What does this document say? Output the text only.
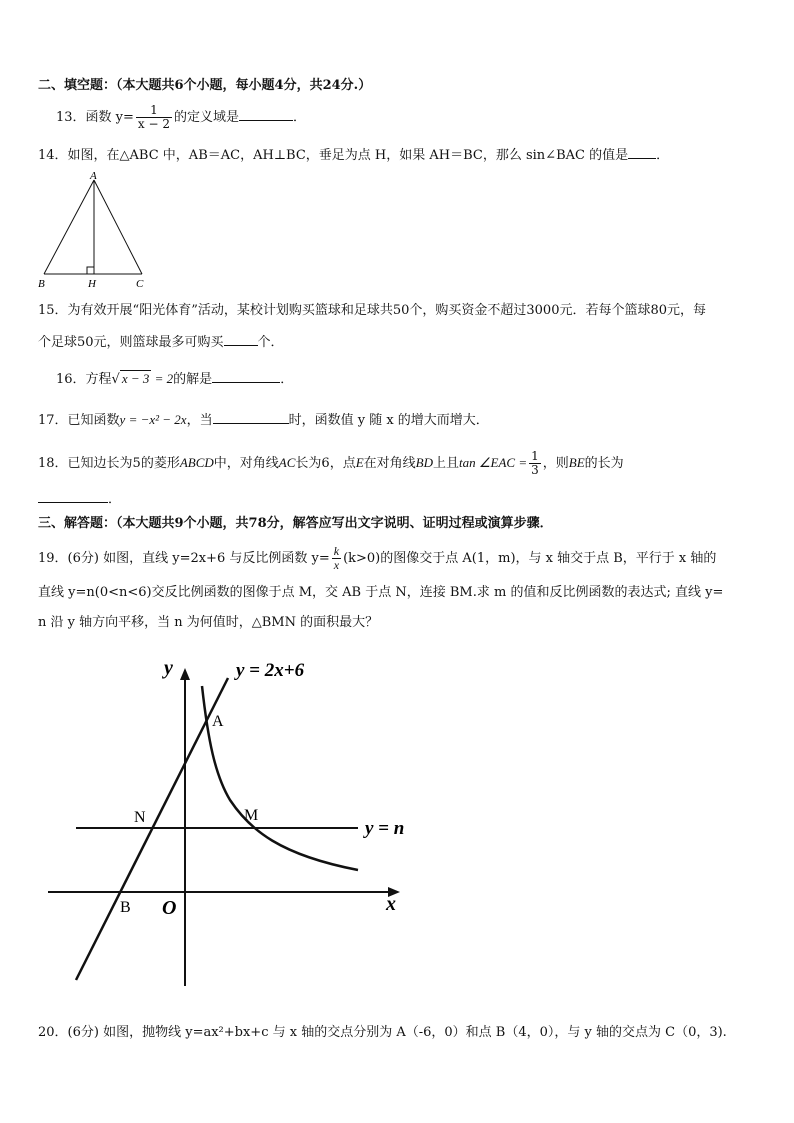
二、填空题：（本大题共6个小题，每小题4分，共24分.）
13．函数 $y= \frac{1}{x - 2}$ 的定义域是	．
14．如图，在△ABC 中，AB＝AC，AH⊥BC，垂足为点 H，如果 AH＝BC，那么 sin∠BAC 的值是 ．
A
B	H	C
15．为有效开展“阳光体育”活动，某校计划购买篮球和足球共50个，购买资金不超过3000元．若每个篮球80元，每
个足球50元，则篮球最多可购买	个．
16．方程√ x − 3 = 2的解是	．
17．已知函数y = −x² − 2x，当	时，函数值 y 随 x 的增大而增大．
18．已知边长为5的菱形ABCD中，对角线AC长为6，点E在对角线BD上且tan ∠EAC = $\frac{1}{3}$ ，则BE的长为
．
三、解答题：（本大题共9个小题，共78分，解答应写出文字说明、证明过程或演算步骤．
19．(6分) 如图，直线 y=2x+6 与反比例函数 $y= \frac{k}{x} (k>0)$的图像交于点 A(1，m)，与 x 轴交于点 B，平行于 x 轴的
直线 y=n(0<n<6)交反比例函数的图像于点 M，交 AB 于点 N，连接 BM.求 m 的值和反比例函数的表达式; 直线 y=
n 沿 y 轴方向平移，当 n 为何值时，△BMN 的面积最大？
y	y = 2x+6
A
N	M
y = n
B O	x
20．(6分) 如图，抛物线 y=ax²+bx+c 与 x 轴的交点分别为 A（-6，0）和点 B（4，0），与 y 轴的交点为 C（0，3).
